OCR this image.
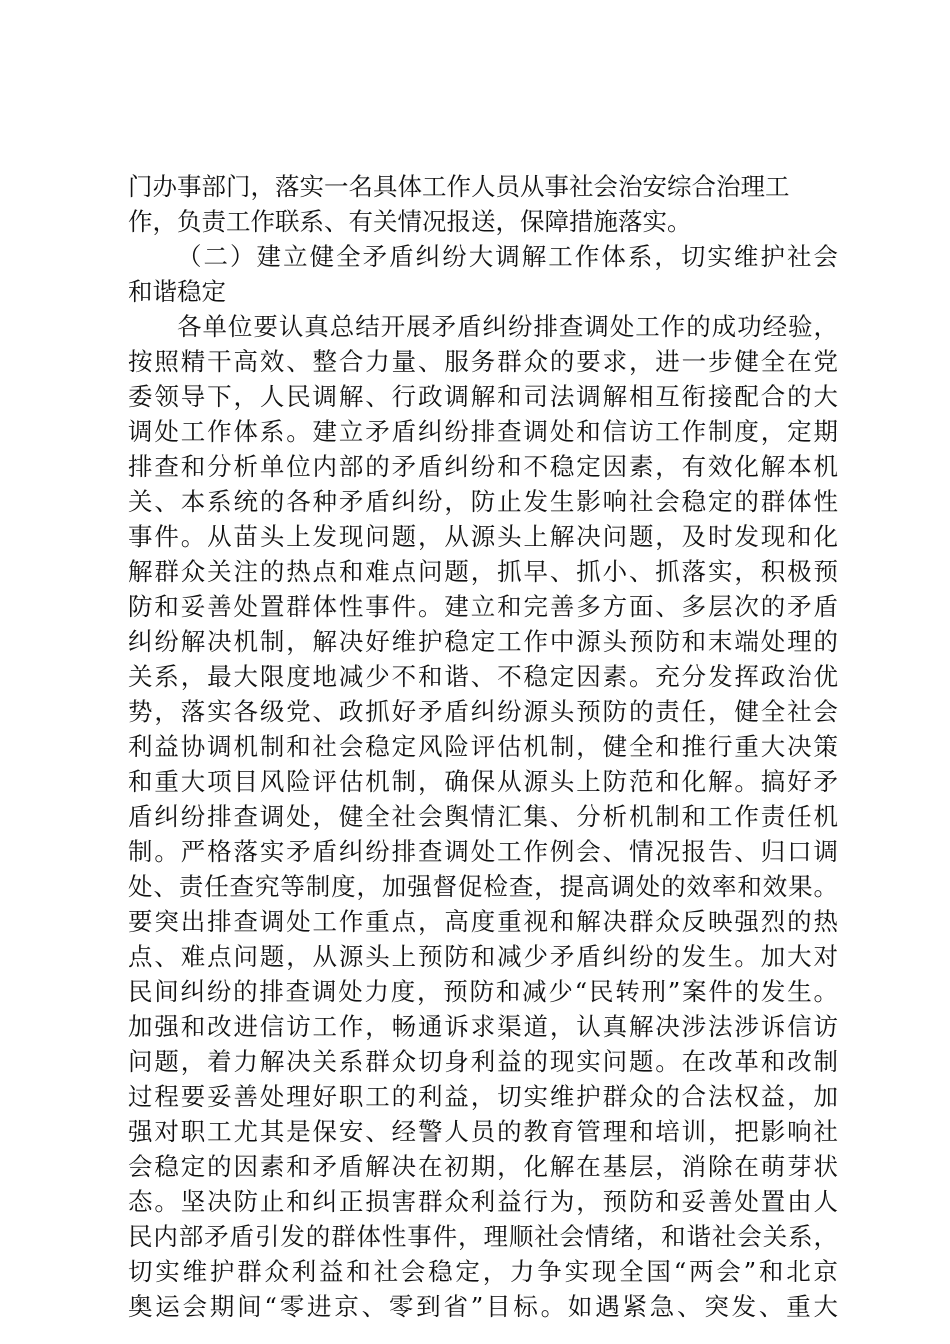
门办事部门，落实一名具体工作人员从事社会治安综合治理工

作，负责工作联系、有关情况报送，保障措施落实。

（二）建立健全矛盾纠纷大调解工作体系，切实维护社会

和谐稳定

各单位要认真总结开展矛盾纠纷排查调处工作的成功经验，

按照精干高效、整合力量、服务群众的要求，进一步健全在党

委领导下，人民调解、行政调解和司法调解相互衔接配合的大

调处工作体系。建立矛盾纠纷排查调处和信访工作制度，定期

排查和分析单位内部的矛盾纠纷和不稳定因素，有效化解本机

关、本系统的各种矛盾纠纷，防止发生影响社会稳定的群体性

事件。从苗头上发现问题，从源头上解决问题，及时发现和化

解群众关注的热点和难点问题，抓早、抓小、抓落实，积极预

防和妥善处置群体性事件。建立和完善多方面、多层次的矛盾

纠纷解决机制，解决好维护稳定工作中源头预防和末端处理的

关系，最大限度地减少不和谐、不稳定因素。充分发挥政治优

势，落实各级党、政抓好矛盾纠纷源头预防的责任，健全社会

利益协调机制和社会稳定风险评估机制，健全和推行重大决策

和重大项目风险评估机制，确保从源头上防范和化解。搞好矛

盾纠纷排查调处，健全社会舆情汇集、分析机制和工作责任机

制。严格落实矛盾纠纷排查调处工作例会、情况报告、归口调

处、责任查究等制度，加强督促检查，提高调处的效率和效果。

要突出排查调处工作重点，高度重视和解决群众反映强烈的热

点、难点问题，从源头上预防和减少矛盾纠纷的发生。加大对

民间纠纷的排查调处力度，预防和减少“民转刑”案件的发生。

加强和改进信访工作，畅通诉求渠道，认真解决涉法涉诉信访

问题，着力解决关系群众切身利益的现实问题。在改革和改制

过程要妥善处理好职工的利益，切实维护群众的合法权益，加

强对职工尤其是保安、经警人员的教育管理和培训，把影响社

会稳定的因素和矛盾解决在初期，化解在基层，消除在萌芽状

态。坚决防止和纠正损害群众利益行为，预防和妥善处置由人

民内部矛盾引发的群体性事件，理顺社会情绪，和谐社会关系，

切实维护群众利益和社会稳定，力争实现全国“两会”和北京

奥运会期间“零进京、零到省”目标。如遇紧急、突发、重大
